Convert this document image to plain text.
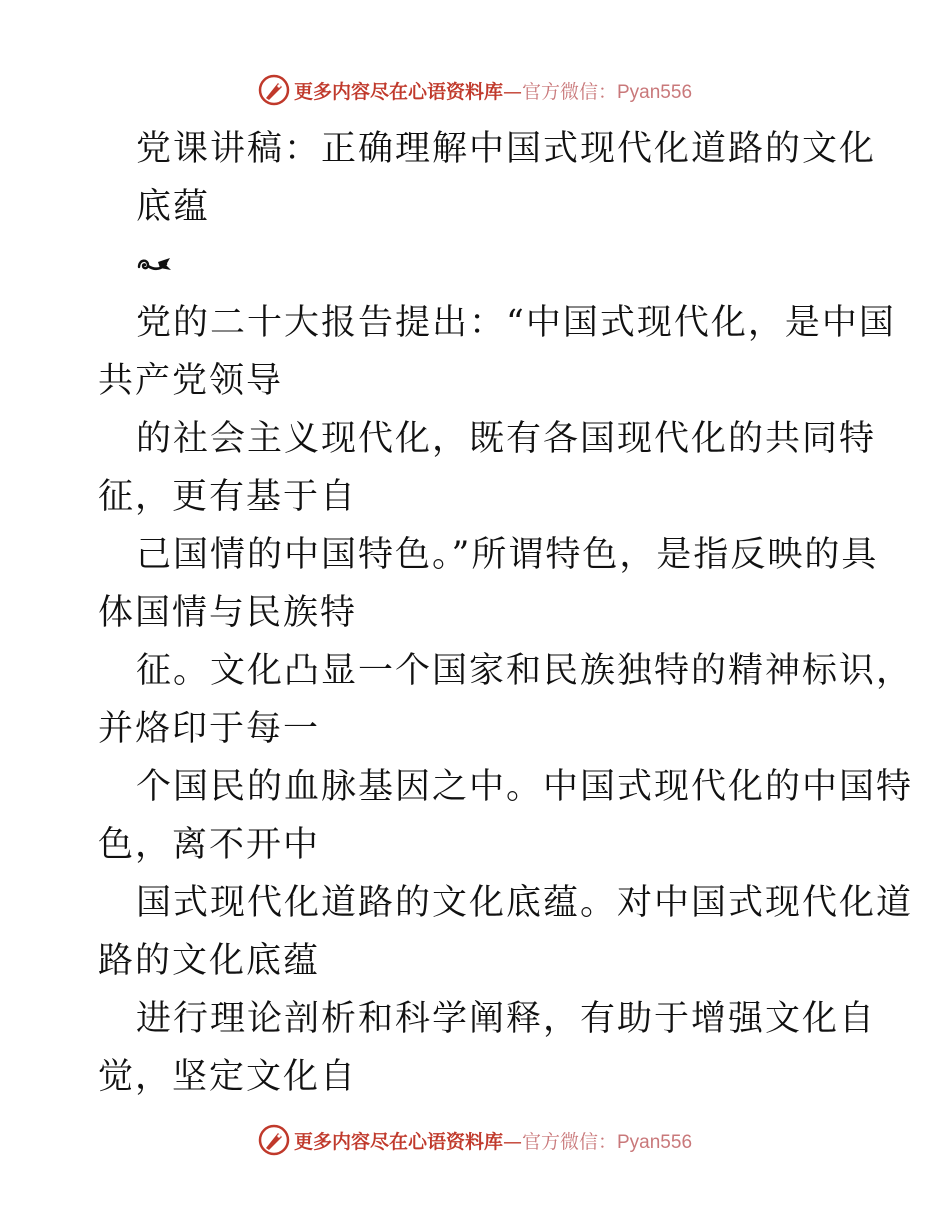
更多内容尽在心语资料库—官方微信：Pyan556
党课讲稿：正确理解中国式现代化道路的文化
底蕴
党的二十大报告提出：“中国式现代化，是中国
共产党领导
的社会主义现代化，既有各国现代化的共同特
征，更有基于自
己国情的中国特色。”所谓特色，是指反映的具
体国情与民族特
征。文化凸显一个国家和民族独特的精神标识，
并烙印于每一
个国民的血脉基因之中。中国式现代化的中国特
色，离不开中
国式现代化道路的文化底蕴。对中国式现代化道
路的文化底蕴
进行理论剖析和科学阐释，有助于增强文化自
觉，坚定文化自
更多内容尽在心语资料库—官方微信：Pyan556
